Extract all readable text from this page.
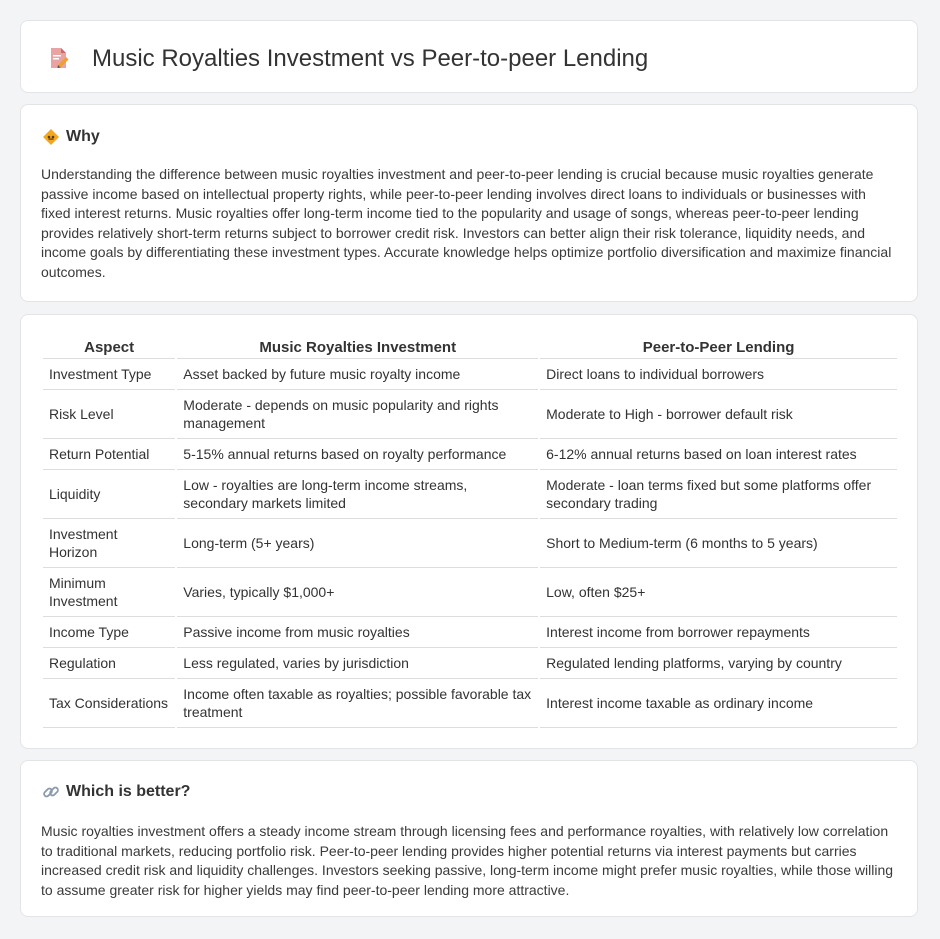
Music Royalties Investment vs Peer-to-peer Lending
Why

Understanding the difference between music royalties investment and peer-to-peer lending is crucial because music royalties generate passive income based on intellectual property rights, while peer-to-peer lending involves direct loans to individuals or businesses with fixed interest returns. Music royalties offer long-term income tied to the popularity and usage of songs, whereas peer-to-peer lending provides relatively short-term returns subject to borrower credit risk. Investors can better align their risk tolerance, liquidity needs, and income goals by differentiating these investment types. Accurate knowledge helps optimize portfolio diversification and maximize financial outcomes.

Aspect	Music Royalties Investment	Peer-to-Peer Lending
Investment Type	Asset backed by future music royalty income	Direct loans to individual borrowers
Risk Level	Moderate - depends on music popularity and rights management	Moderate to High - borrower default risk
Return Potential	5-15% annual returns based on royalty performance	6-12% annual returns based on loan interest rates
Liquidity	Low - royalties are long-term income streams, secondary markets limited	Moderate - loan terms fixed but some platforms offer secondary trading
Investment Horizon	Long-term (5+ years)	Short to Medium-term (6 months to 5 years)
Minimum Investment	Varies, typically $1,000+	Low, often $25+
Income Type	Passive income from music royalties	Interest income from borrower repayments
Regulation	Less regulated, varies by jurisdiction	Regulated lending platforms, varying by country
Tax Considerations	Income often taxable as royalties; possible favorable tax treatment	Interest income taxable as ordinary income
Which is better?

Music royalties investment offers a steady income stream through licensing fees and performance royalties, with relatively low correlation to traditional markets, reducing portfolio risk. Peer-to-peer lending provides higher potential returns via interest payments but carries increased credit risk and liquidity challenges. Investors seeking passive, long-term income might prefer music royalties, while those willing to assume greater risk for higher yields may find peer-to-peer lending more attractive.
